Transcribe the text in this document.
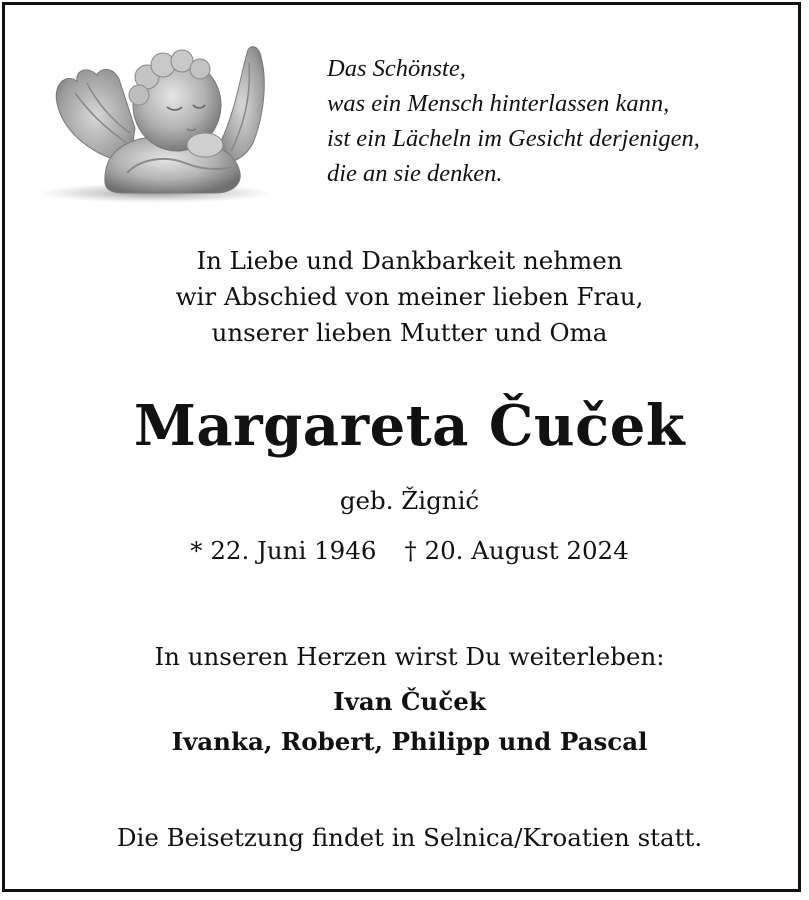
Das Schönste,
was ein Mensch hinterlassen kann,
ist ein Lächeln im Gesicht derjenigen,
die an sie denken.
In Liebe und Dankbarkeit nehmen
wir Abschied von meiner lieben Frau,
unserer lieben Mutter und Oma
Margareta Čuček
geb. Žignić
* 22. Juni 1946 † 20. August 2024
In unseren Herzen wirst Du weiterleben:
Ivan Čuček
Ivanka, Robert, Philipp und Pascal
Die Beisetzung findet in Selnica/Kroatien statt.
